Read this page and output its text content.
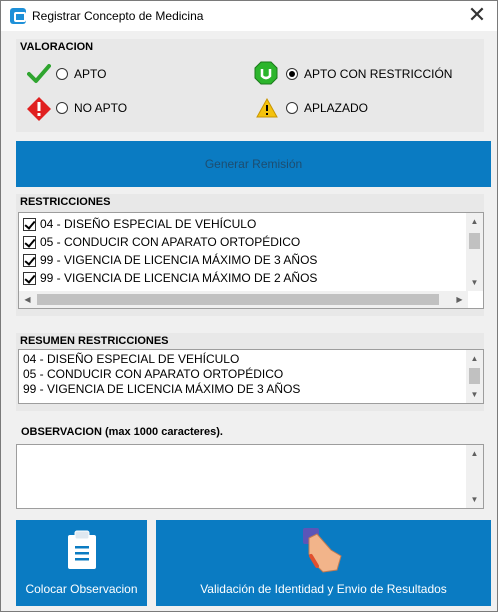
Registrar Concepto de Medicina	✕
VALORACION
APTO	APTO CON RESTRICCIÓN
NO APTO	APLAZADO
Generar Remisión
RESTRICCIONES
04 - DISEÑO ESPECIAL DE VEHÍCULO
05 - CONDUCIR CON APARATO ORTOPÉDICO
99 - VIGENCIA DE LICENCIA MÁXIMO DE 3 AÑOS
99 - VIGENCIA DE LICENCIA MÁXIMO DE 2 AÑOS
▲
▼
◀	▶
RESUMEN RESTRICCIONES
04 - DISEÑO ESPECIAL DE VEHÍCULO
05 - CONDUCIR CON APARATO ORTOPÉDICO
99 - VIGENCIA DE LICENCIA MÁXIMO DE 3 AÑOS
▲
▼
OBSERVACION (max 1000 caracteres).
▲
▼
Colocar Observacion	Validación de Identidad y Envio de Resultados
